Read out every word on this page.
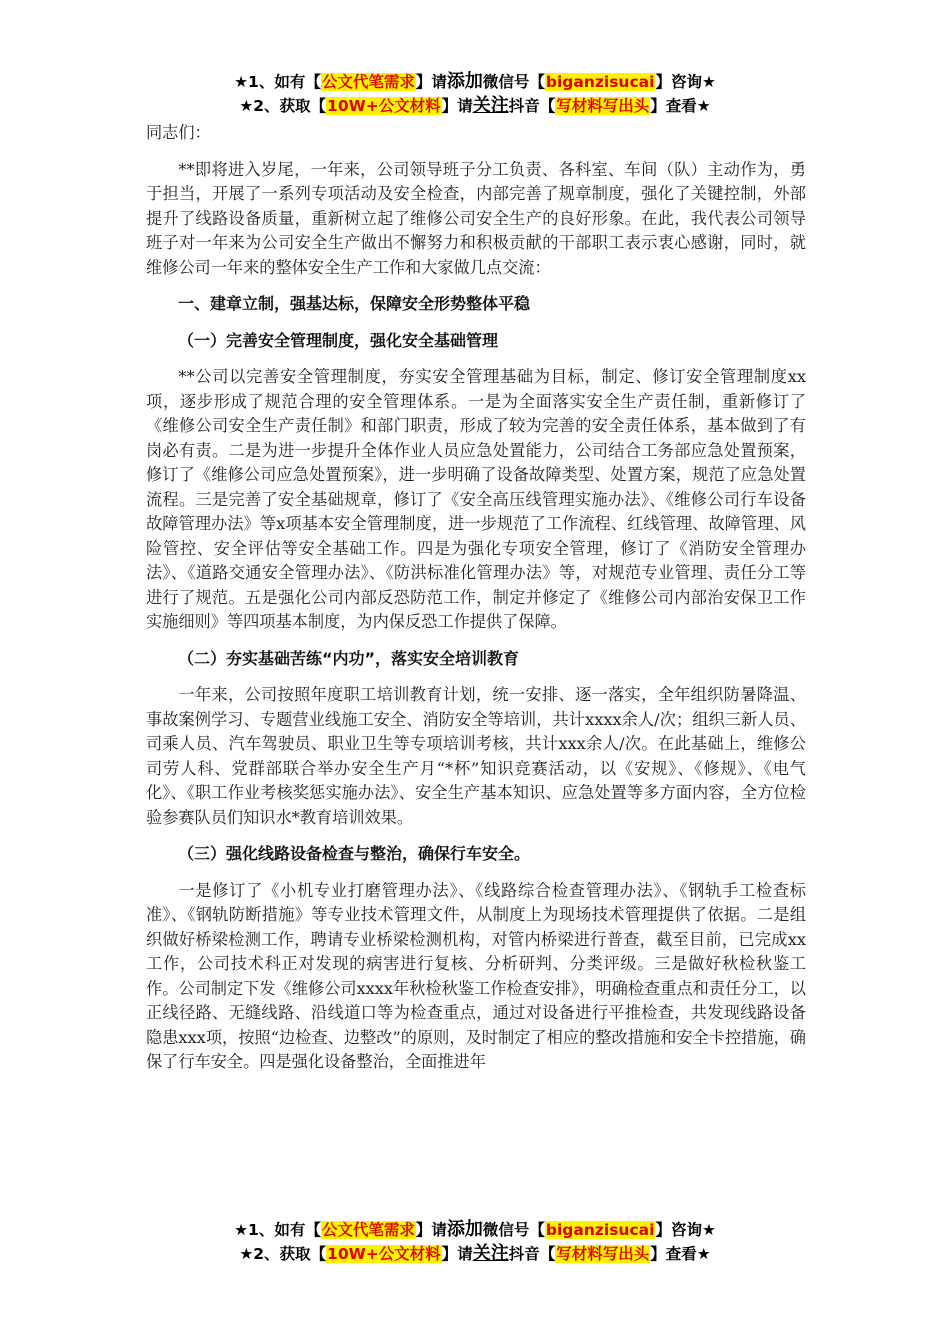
★1、如有【公文代笔需求】请添加微信号【biganzisucai】咨询★
★2、获取【10W+公文材料】请关注抖音【写材料写出头】查看★

同志们：

**即将进入岁尾，一年来，公司领导班子分工负责、各科室、车间（队）主动作为，勇于担当，开展了一系列专项活动及安全检查，内部完善了规章制度，强化了关键控制，外部提升了线路设备质量，重新树立起了维修公司安全生产的良好形象。在此，我代表公司领导班子对一年来为公司安全生产做出不懈努力和积极贡献的干部职工表示衷心感谢，同时，就维修公司一年来的整体安全生产工作和大家做几点交流：

一、建章立制，强基达标，保障安全形势整体平稳

（一）完善安全管理制度，强化安全基础管理

**公司以完善安全管理制度，夯实安全管理基础为目标，制定、修订安全管理制度xx项，逐步形成了规范合理的安全管理体系。一是为全面落实安全生产责任制，重新修订了《维修公司安全生产责任制》和部门职责，形成了较为完善的安全责任体系，基本做到了有岗必有责。二是为进一步提升全体作业人员应急处置能力，公司结合工务部应急处置预案，修订了《维修公司应急处置预案》，进一步明确了设备故障类型、处置方案，规范了应急处置流程。三是完善了安全基础规章，修订了《安全高压线管理实施办法》、《维修公司行车设备故障管理办法》等x项基本安全管理制度，进一步规范了工作流程、红线管理、故障管理、风险管控、安全评估等安全基础工作。四是为强化专项安全管理，修订了《消防安全管理办法》、《道路交通安全管理办法》、《防洪标准化管理办法》等，对规范专业管理、责任分工等进行了规范。五是强化公司内部反恐防范工作，制定并修定了《维修公司内部治安保卫工作实施细则》等四项基本制度，为内保反恐工作提供了保障。

（二）夯实基础苦练“内功”，落实安全培训教育

一年来，公司按照年度职工培训教育计划，统一安排、逐一落实，全年组织防暑降温、事故案例学习、专题营业线施工安全、消防安全等培训，共计xxxx余人/次；组织三新人员、司乘人员、汽车驾驶员、职业卫生等专项培训考核，共计xxx余人/次。在此基础上，维修公司劳人科、党群部联合举办安全生产月“*杯”知识竞赛活动，以《安规》、《修规》、《电气化》、《职工作业考核奖惩实施办法》、安全生产基本知识、应急处置等多方面内容，全方位检验参赛队员们知识水*教育培训效果。

（三）强化线路设备检查与整治，确保行车安全。

一是修订了《小机专业打磨管理办法》、《线路综合检查管理办法》、《钢轨手工检查标准》、《钢轨防断措施》等专业技术管理文件，从制度上为现场技术管理提供了依据。二是组织做好桥梁检测工作，聘请专业桥梁检测机构，对管内桥梁进行普查，截至目前，已完成xx工作，公司技术科正对发现的病害进行复核、分析研判、分类评级。三是做好秋检秋鉴工作。公司制定下发《维修公司xxxx年秋检秋鉴工作检查安排》，明确检查重点和责任分工，以正线径路、无缝线路、沿线道口等为检查重点，通过对设备进行平推检查，共发现线路设备隐患xxx项，按照“边检查、边整改”的原则，及时制定了相应的整改措施和安全卡控措施，确保了行车安全。四是强化设备整治，全面推进年

★1、如有【公文代笔需求】请添加微信号【biganzisucai】咨询★
★2、获取【10W+公文材料】请关注抖音【写材料写出头】查看★
